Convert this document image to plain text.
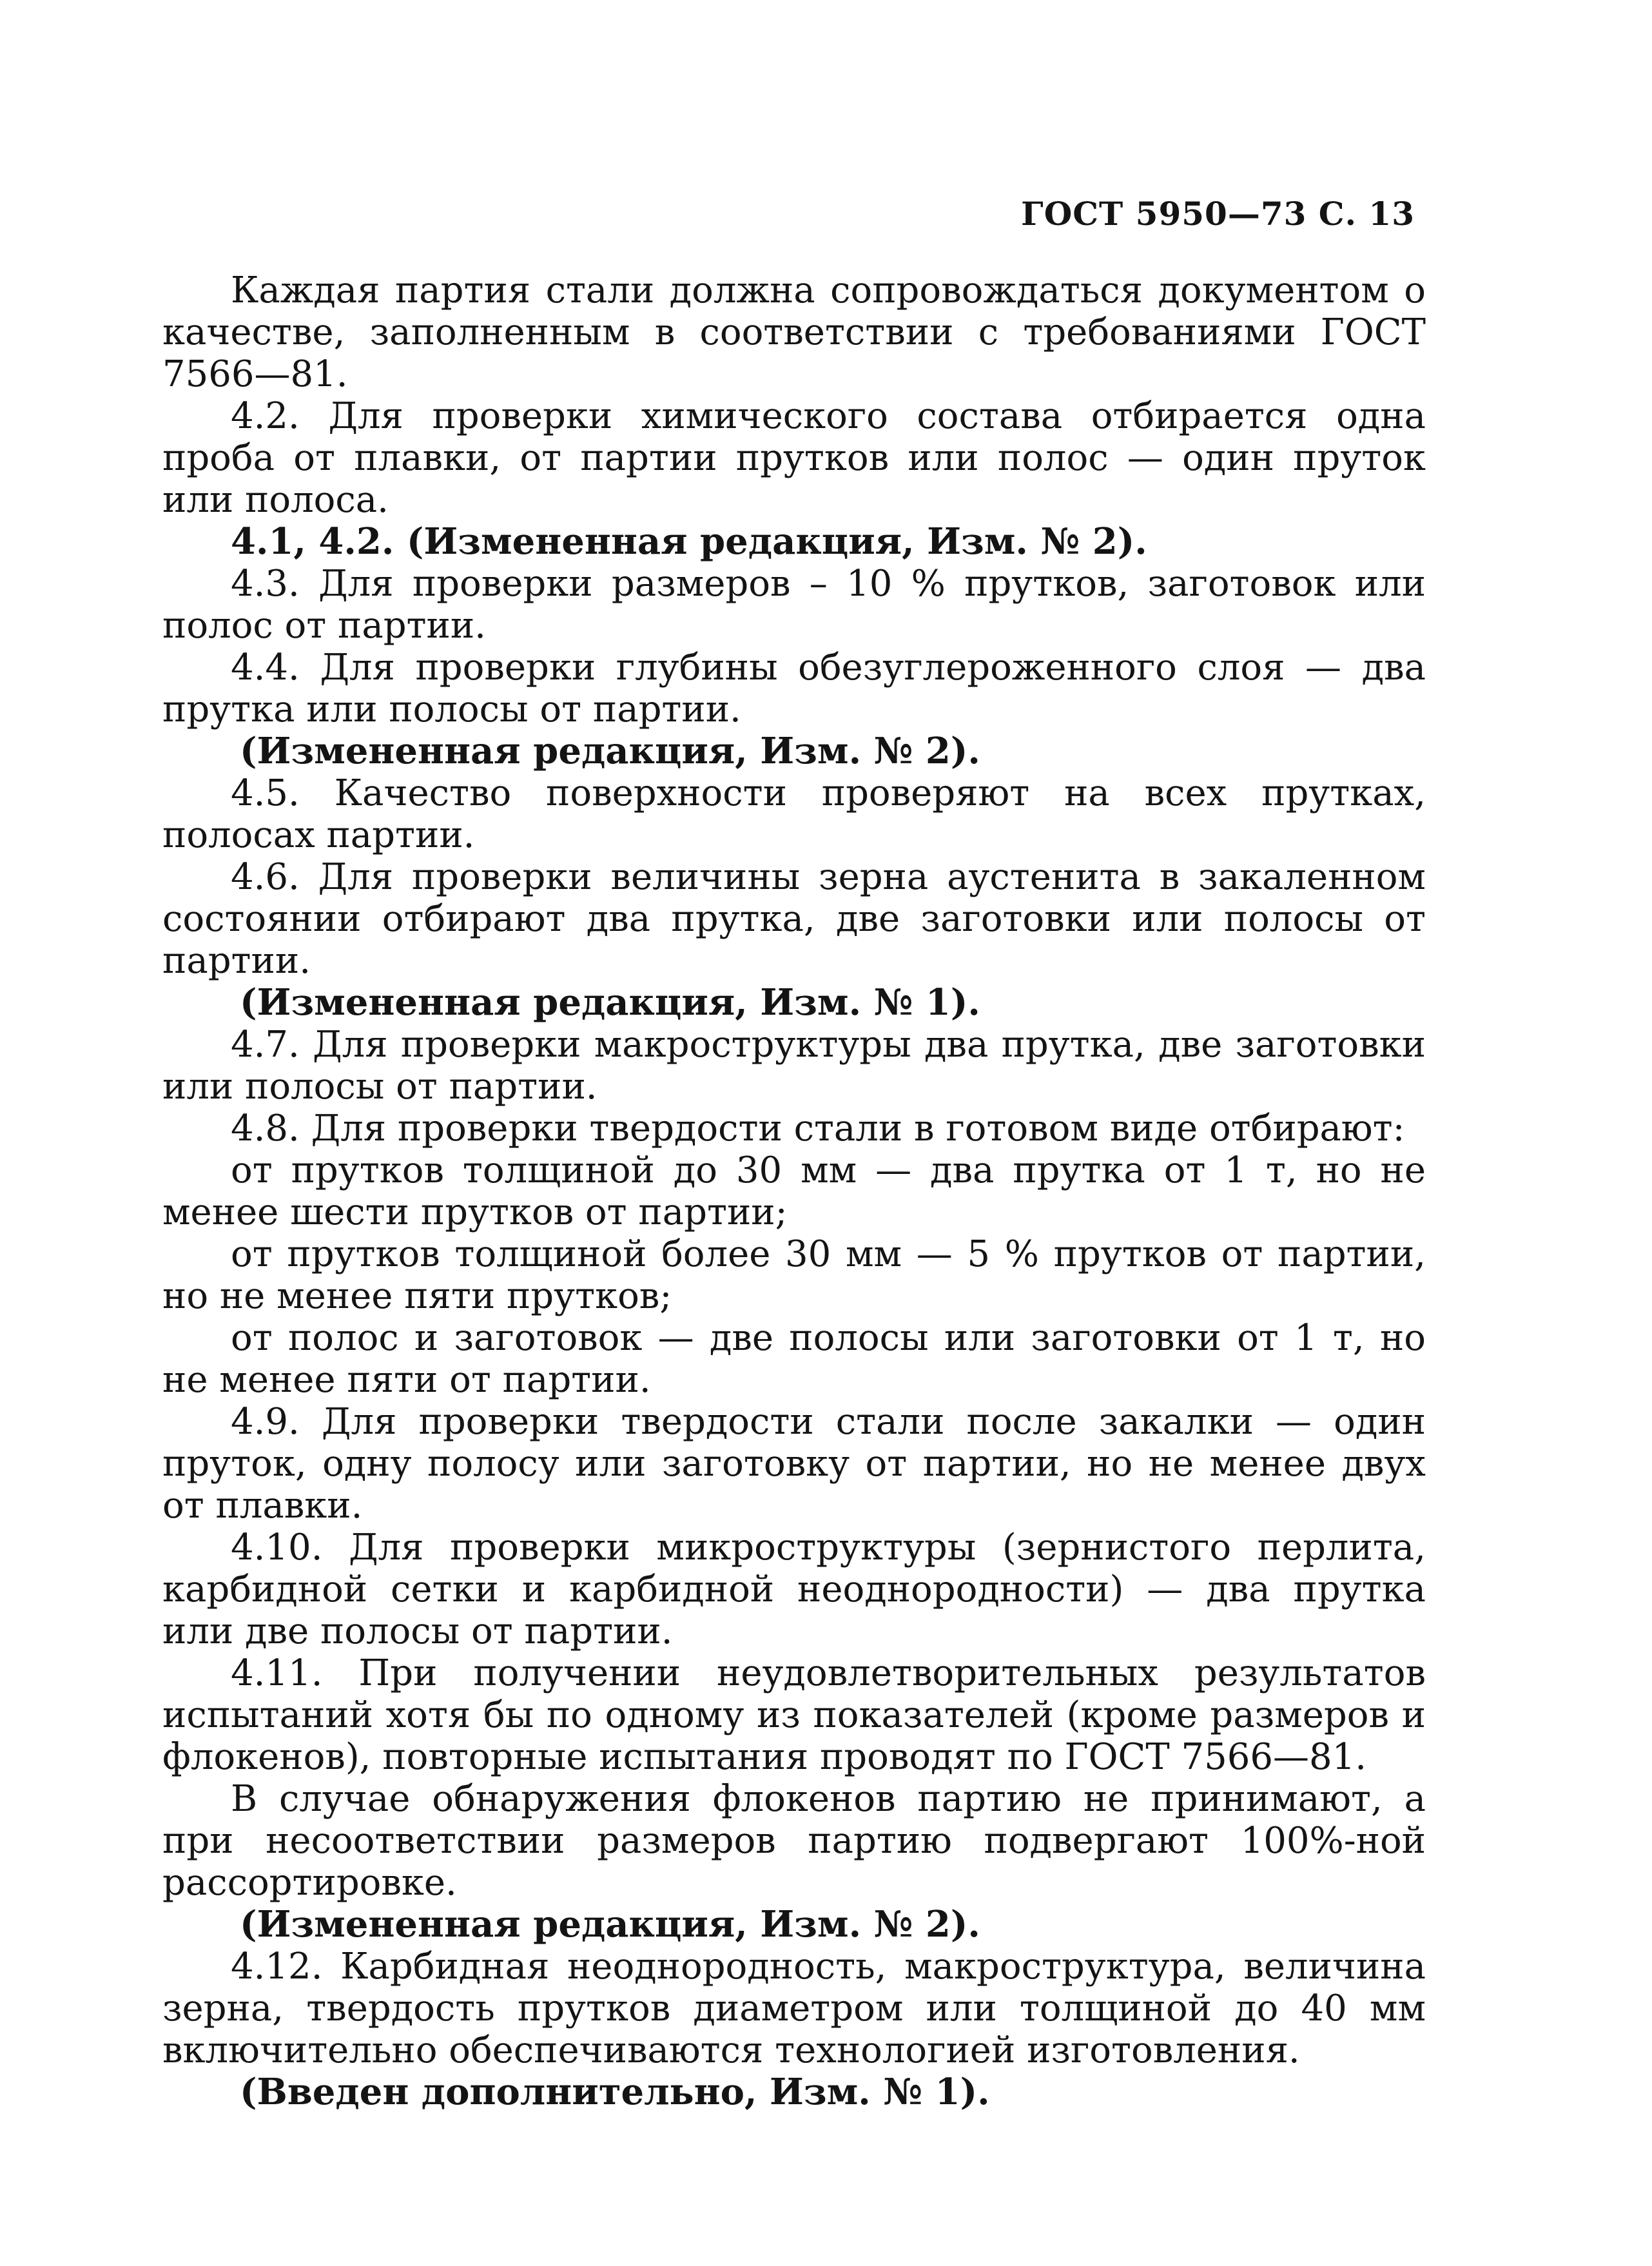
ГОСТ 5950—73 С. 13

Каждая партия стали должна сопровождаться документом о качестве, заполненным в соответствии с требованиями ГОСТ 7566—81.

4.2. Для проверки химического состава отбирается одна проба от плавки, от партии прутков или полос — один пруток или полоса.

4.1, 4.2. (Измененная редакция, Изм. № 2).

4.3. Для проверки размеров – 10 % прутков, заготовок или полос от партии.

4.4. Для проверки глубины обезуглероженного слоя — два прутка или полосы от партии.

(Измененная редакция, Изм. № 2).

4.5. Качество поверхности проверяют на всех прутках, полосах партии.

4.6. Для проверки величины зерна аустенита в закаленном состоянии отбирают два прутка, две заготовки или полосы от партии.

(Измененная редакция, Изм. № 1).

4.7. Для проверки макроструктуры два прутка, две заготовки или полосы от партии.

4.8. Для проверки твердости стали в готовом виде отбирают:

от прутков толщиной до 30 мм — два прутка от 1 т, но не менее шести прутков от партии;

от прутков толщиной более 30 мм — 5 % прутков от партии, но не менее пяти прутков;

от полос и заготовок — две полосы или заготовки от 1 т, но не менее пяти от партии.

4.9. Для проверки твердости стали после закалки — один пруток, одну полосу или заготовку от партии, но не менее двух от плавки.

4.10. Для проверки микроструктуры (зернистого перлита, карбидной сетки и карбидной неоднородности) — два прутка или две полосы от партии.

4.11. При получении неудовлетворительных результатов испытаний хотя бы по одному из показателей (кроме размеров и флокенов), повторные испытания проводят по ГОСТ 7566—81.

В случае обнаружения флокенов партию не принимают, а при несоответствии размеров партию подвергают 100%-ной рассортировке.

(Измененная редакция, Изм. № 2).

4.12. Карбидная неоднородность, макроструктура, величина зерна, твердость прутков диаметром или толщиной до 40 мм включительно обеспечиваются технологией изготовления.

(Введен дополнительно, Изм. № 1).
